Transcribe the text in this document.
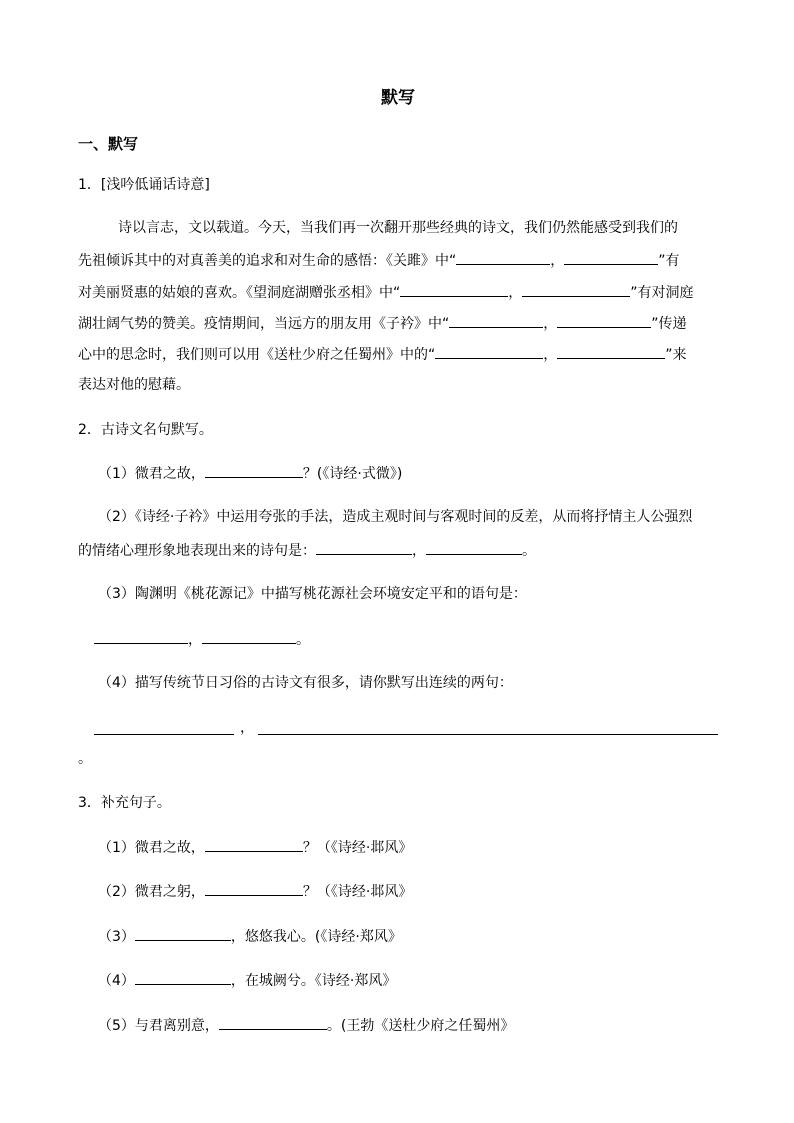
默写
一、默写
1．[浅吟低诵话诗意]
诗以言志，文以载道。今天，当我们再一次翻开那些经典的诗文，我们仍然能感受到我们的
先祖倾诉其中的对真善美的追求和对生命的感悟：《关雎》中“	，	”有
对美丽贤惠的姑娘的喜欢。《望洞庭湖赠张丞相》中“	，	”有对洞庭
湖壮阔气势的赞美。疫情期间，当远方的朋友用《子衿》中“	，	”传递
心中的思念时，我们则可以用《送杜少府之任蜀州》中的“	，	”来
表达对他的慰藉。
2．古诗文名句默写。
（1）微君之故，	？(《诗经·式微》)
（2）《诗经·子衿》中运用夸张的手法，造成主观时间与客观时间的反差，从而将抒情主人公强烈
的情绪心理形象地表现出来的诗句是：	，	。
（3）陶渊明《桃花源记》中描写桃花源社会环境安定平和的语句是：
，	。
（4）描写传统节日习俗的古诗文有很多，请你默写出连续的两句：
，
。
3．补充句子。
（1）微君之故，	？（《诗经·邶风》
（2）微君之躬，	？（《诗经·邶风》
（3）	，悠悠我心。(《诗经·郑风》
（4）	，在城阙兮。《诗经·郑风》
（5）与君离别意，	。(王勃《送杜少府之任蜀州》
